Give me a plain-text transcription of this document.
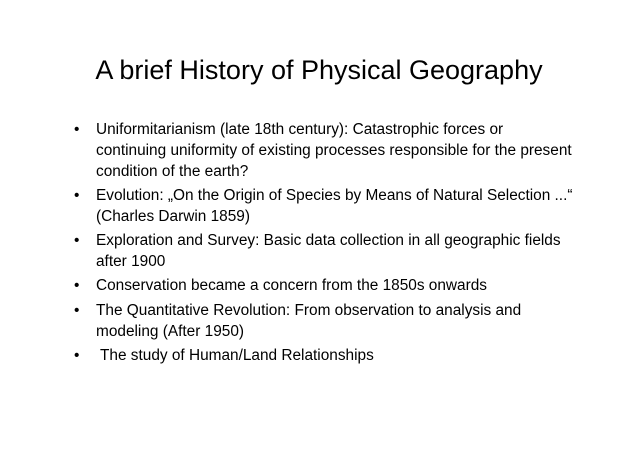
A brief History of Physical Geography
•	Uniformitarianism (late 18th century): Catastrophic forces or continuing uniformity of existing processes responsible for the present condition of the earth?
•	Evolution: „On the Origin of Species by Means of Natural Selection ...“ (Charles Darwin 1859)
•	Exploration and Survey: Basic data collection in all geographic fields after 1900
•	Conservation became a concern from the 1850s onwards
•	The Quantitative Revolution: From observation to analysis and modeling (After 1950)
•	The study of Human/Land Relationships
